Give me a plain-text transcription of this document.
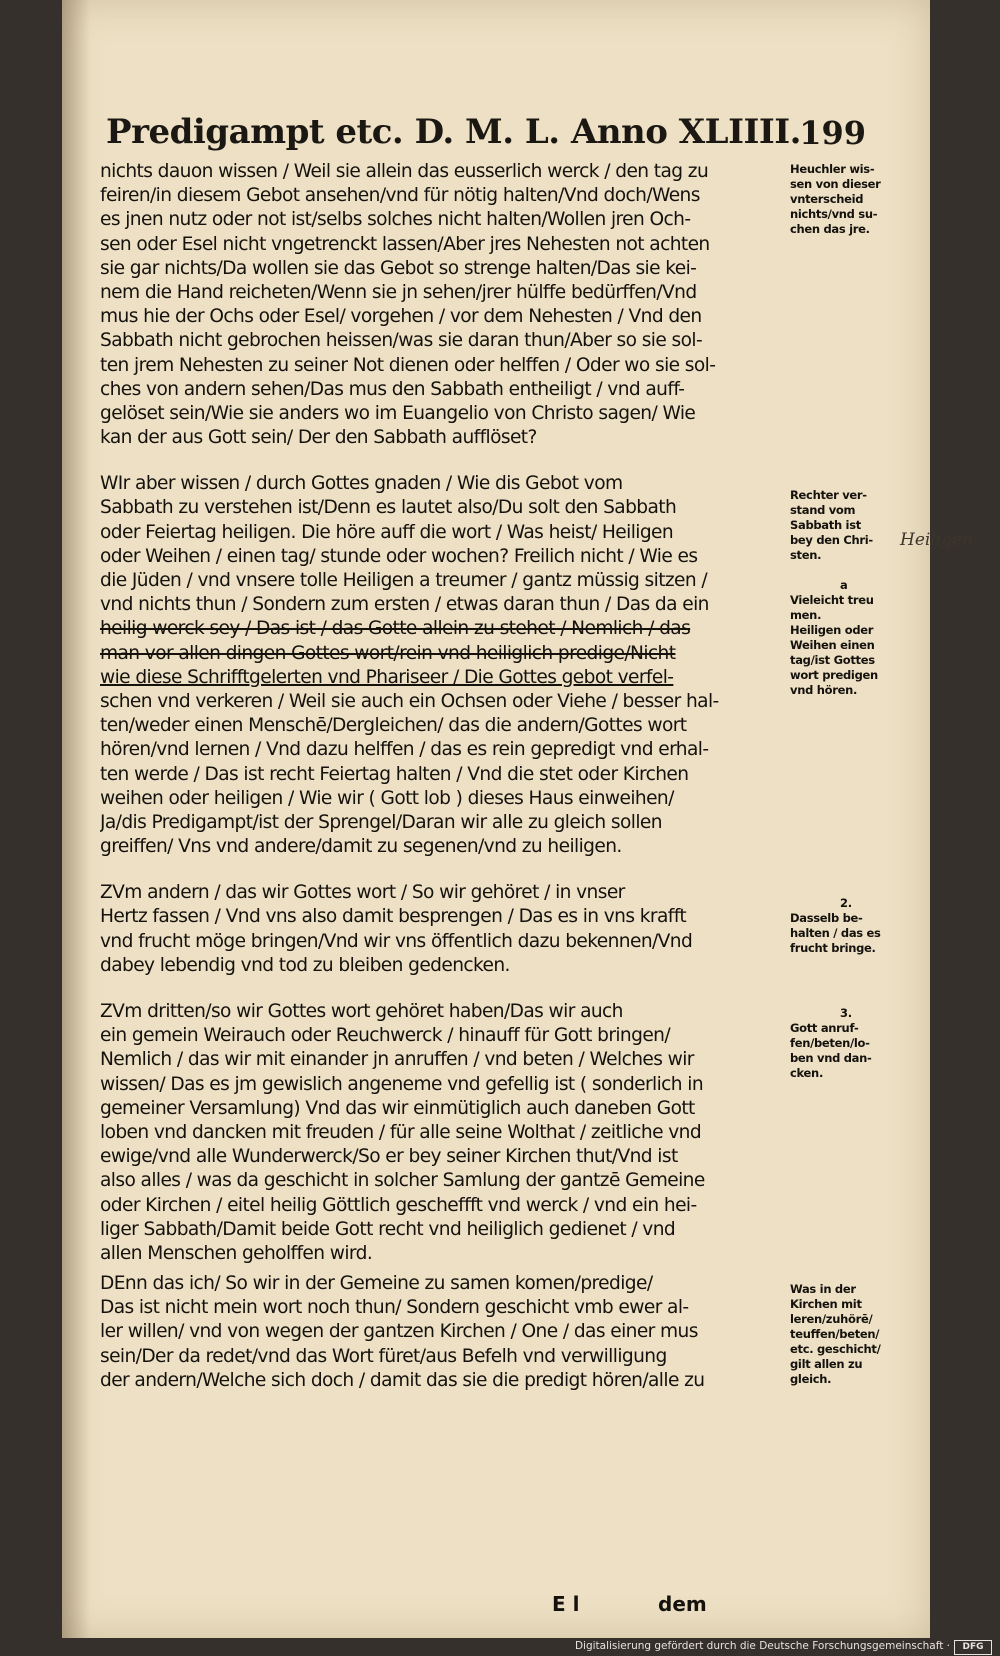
Predigampt etc. D. M. L. Anno XLIIII.
199
nichts dauon wissen / Weil sie allein das eusserlich werck / den tag zu
feiren/in diesem Gebot ansehen/vnd für nötig halten/Vnd doch/Wens
es jnen nutz oder not ist/selbs solches nicht halten/Wollen jren Och-
sen oder Esel nicht vngetrenckt lassen/Aber jres Nehesten not achten
sie gar nichts/Da wollen sie das Gebot so strenge halten/Das sie kei-
nem die Hand reicheten/Wenn sie jn sehen/jrer hülffe bedürffen/Vnd
mus hie der Ochs oder Esel/ vorgehen / vor dem Nehesten / Vnd den
Sabbath nicht gebrochen heissen/was sie daran thun/Aber so sie sol-
ten jrem Nehesten zu seiner Not dienen oder helffen / Oder wo sie sol-
ches von andern sehen/Das mus den Sabbath entheiligt / vnd auff-
gelöset sein/Wie sie anders wo im Euangelio von Christo sagen/ Wie
kan der aus Gott sein/ Der den Sabbath aufflöset?
WIr aber wissen / durch Gottes gnaden / Wie dis Gebot vom
Sabbath zu verstehen ist/Denn es lautet also/Du solt den Sabbath
oder Feiertag heiligen. Die höre auff die wort / Was heist/ Heiligen
oder Weihen / einen tag/ stunde oder wochen? Freilich nicht / Wie es
die Jüden / vnd vnsere tolle Heiligen a treumer / gantz müssig sitzen /
vnd nichts thun / Sondern zum ersten / etwas daran thun / Das da ein
heilig werck sey / Das ist / das Gotte allein zu stehet / Nemlich / das
man vor allen dingen Gottes wort/rein vnd heiliglich predige/Nicht
wie diese Schrifftgelerten vnd Phariseer / Die Gottes gebot verfel-
schen vnd verkeren / Weil sie auch ein Ochsen oder Viehe / besser hal-
ten/weder einen Menschē/Dergleichen/ das die andern/Gottes wort
hören/vnd lernen / Vnd dazu helffen / das es rein gepredigt vnd erhal-
ten werde / Das ist recht Feiertag halten / Vnd die stet oder Kirchen
weihen oder heiligen / Wie wir ( Gott lob ) dieses Haus einweihen/
Ja/dis Predigampt/ist der Sprengel/Daran wir alle zu gleich sollen
greiffen/ Vns vnd andere/damit zu segenen/vnd zu heiligen.
ZVm andern / das wir Gottes wort / So wir gehöret / in vnser
Hertz fassen / Vnd vns also damit besprengen / Das es in vns krafft
vnd frucht möge bringen/Vnd wir vns öffentlich dazu bekennen/Vnd
dabey lebendig vnd tod zu bleiben gedencken.
ZVm dritten/so wir Gottes wort gehöret haben/Das wir auch
ein gemein Weirauch oder Reuchwerck / hinauff für Gott bringen/
Nemlich / das wir mit einander jn anruffen / vnd beten / Welches wir
wissen/ Das es jm gewislich angeneme vnd gefellig ist ( sonderlich in
gemeiner Versamlung) Vnd das wir einmütiglich auch daneben Gott
loben vnd dancken mit freuden / für alle seine Wolthat / zeitliche vnd
ewige/vnd alle Wunderwerck/So er bey seiner Kirchen thut/Vnd ist
also alles / was da geschicht in solcher Samlung der gantzē Gemeine
oder Kirchen / eitel heilig Göttlich gescheffft vnd werck / vnd ein hei-
liger Sabbath/Damit beide Gott recht vnd heiliglich gedienet / vnd
allen Menschen geholffen wird.
DEnn das ich/ So wir in der Gemeine zu samen komen/predige/
Das ist nicht mein wort noch thun/ Sondern geschicht vmb ewer al-
ler willen/ vnd von wegen der gantzen Kirchen / One / das einer mus
sein/Der da redet/vnd das Wort füret/aus Befelh vnd verwilligung
der andern/Welche sich doch / damit das sie die predigt hören/alle zu
Heuchler wis-
sen von dieser
vnterscheid
nichts/vnd su-
chen das jre.
Rechter ver-
stand vom
Sabbath ist
bey den Chri-
sten.
a
Vieleicht treu
men.
Heiligen oder
Weihen einen
tag/ist Gottes
wort predigen
vnd hören.
2.
Dasselb be-
halten / das es
frucht bringe.
3.
Gott anruf-
fen/beten/lo-
ben vnd dan-
cken.
Was in der
Kirchen mit
leren/zuhörē/
teuffen/beten/
etc. geschicht/
gilt allen zu
gleich.
Heiligen
E l	dem
Digitalisierung gefördert durch die Deutsche Forschungsgemeinschaft ·	DFG
